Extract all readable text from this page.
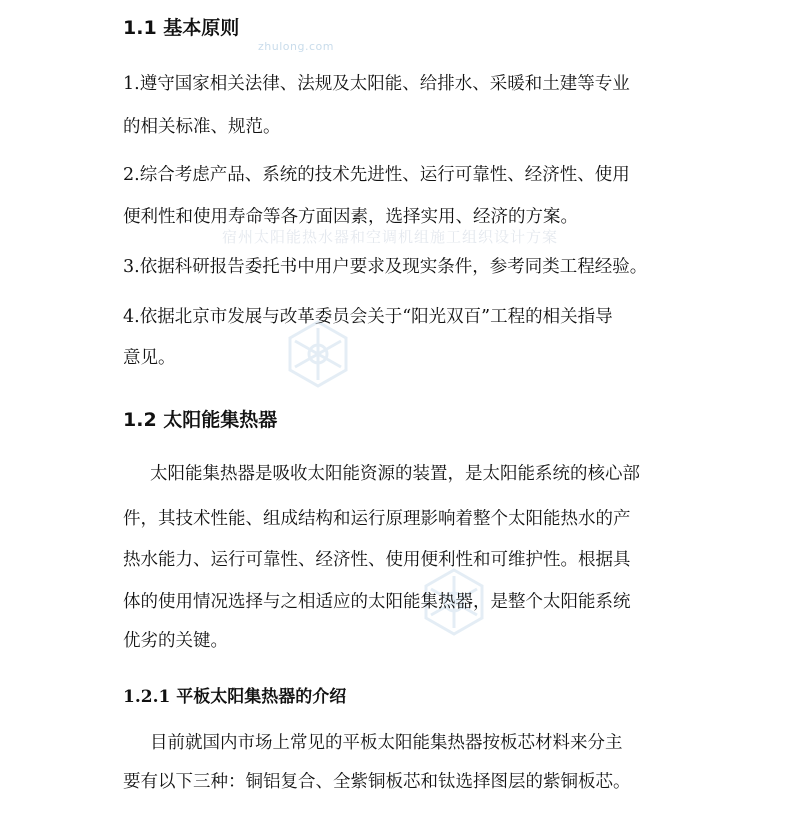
zhulong.com
宿州太阳能热水器和空调机组施工组织设计方案
1.1 基本原则
1.遵守国家相关法律、法规及太阳能、给排水、采暖和土建等专业
的相关标准、规范。
2.综合考虑产品、系统的技术先进性、运行可靠性、经济性、使用
便利性和使用寿命等各方面因素，选择实用、经济的方案。
3.依据科研报告委托书中用户要求及现实条件，参考同类工程经验。
4.依据北京市发展与改革委员会关于“阳光双百”工程的相关指导
意见。
1.2 太阳能集热器
太阳能集热器是吸收太阳能资源的装置，是太阳能系统的核心部
件，其技术性能、组成结构和运行原理影响着整个太阳能热水的产
热水能力、运行可靠性、经济性、使用便利性和可维护性。根据具
体的使用情况选择与之相适应的太阳能集热器，是整个太阳能系统
优劣的关键。
1.2.1 平板太阳集热器的介绍
目前就国内市场上常见的平板太阳能集热器按板芯材料来分主
要有以下三种：铜铝复合、全紫铜板芯和钛选择图层的紫铜板芯。
